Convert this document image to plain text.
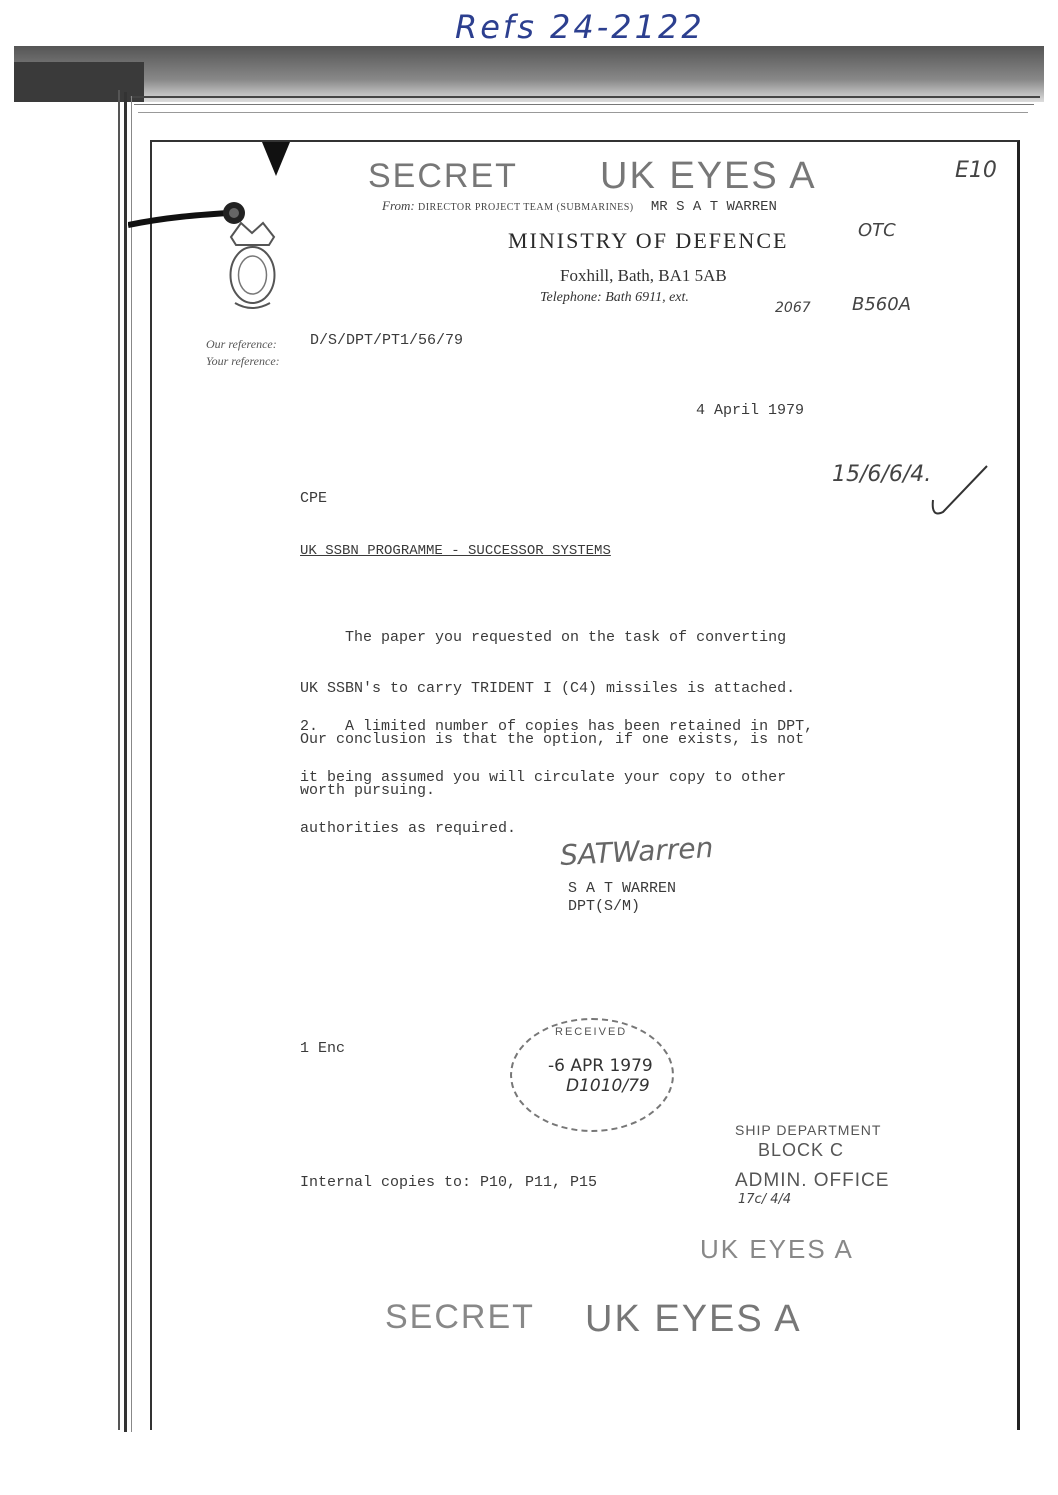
Refs 24-2122
SECRET UK EYES A	E10
From: DIRECTOR PROJECT TEAM (SUBMARINES) MR S A T WARREN
MINISTRY OF DEFENCE
Foxhill, Bath, BA1 5AB
Telephone: Bath 6911, ext.
2067
OTC
B560A
Our reference: D/S/DPT/PT1/56/79
Your reference:
4 April 1979
15/6/6/4.
CPE
UK SSBN PROGRAMME - SUCCESSOR SYSTEMS

The paper you requested on the task of converting

UK SSBN's to carry TRIDENT I (C4) missiles is attached.

Our conclusion is that the option, if one exists, is not

worth pursuing.

2.   A limited number of copies has been retained in DPT,

it being assumed you will circulate your copy to other

authorities as required.

SATWarren
S A T WARREN
DPT(S/M)
1 Enc
RECEIVED
-6 APR 1979
D1010/79
SHIP DEPARTMENT
BLOCK C
ADMIN. OFFICE
17c/ 4/4
Internal copies to: P10, P11, P15
UK EYES A
SECRET UK EYES A
